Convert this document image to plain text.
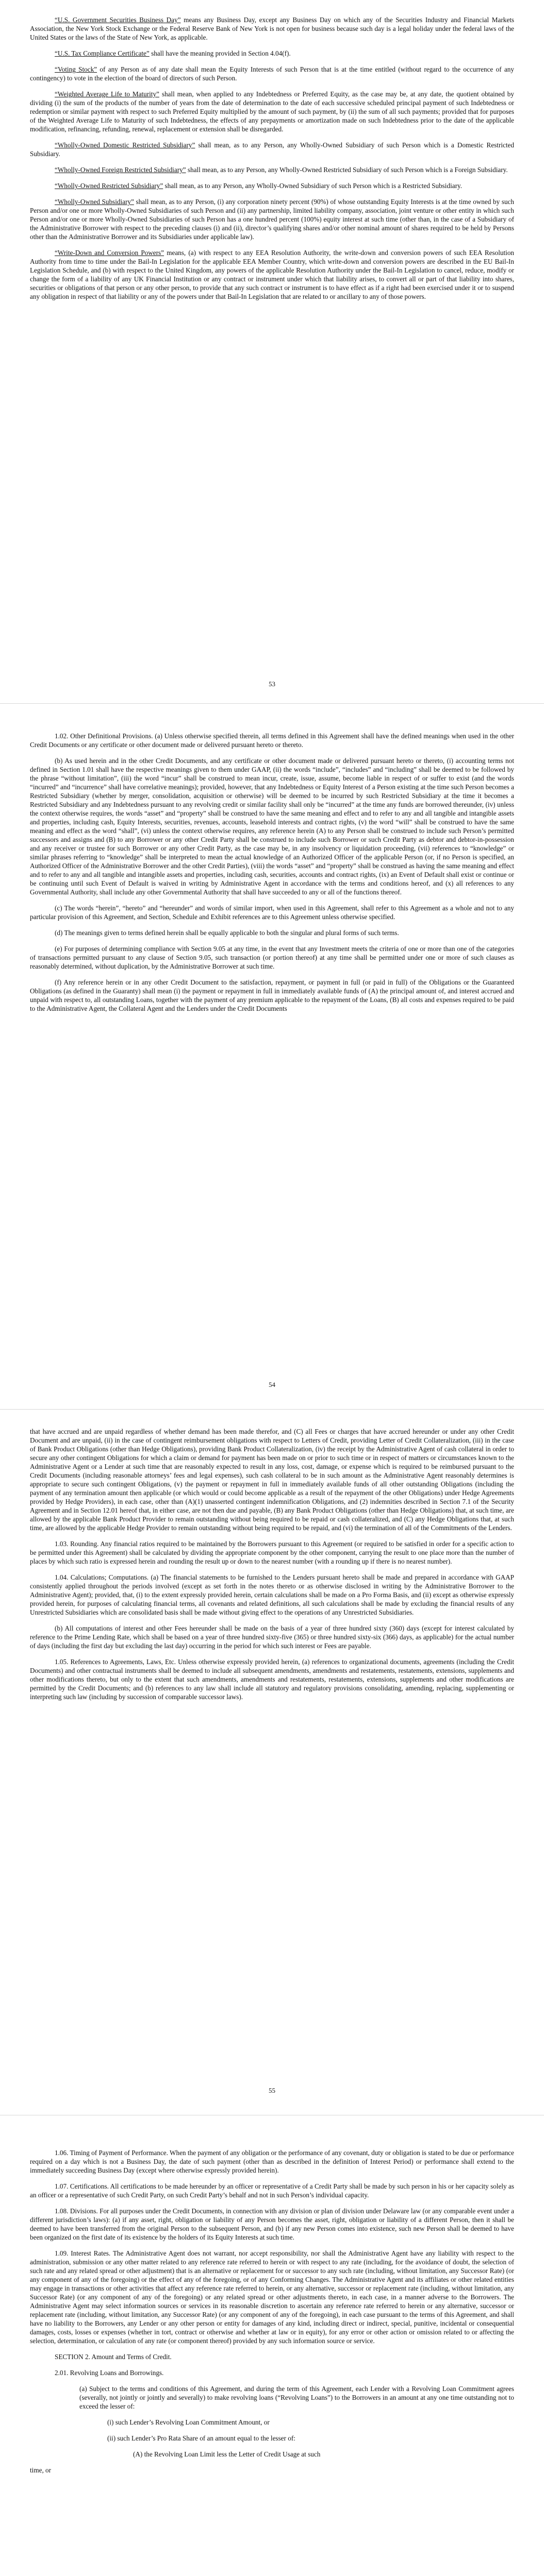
“U.S. Government Securities Business Day” means any Business Day, except any Business Day on which any of the Securities Industry and Financial Markets Association, the New York Stock Exchange or the Federal Reserve Bank of New York is not open for business because such day is a legal holiday under the federal laws of the United States or the laws of the State of New York, as applicable.

“U.S. Tax Compliance Certificate” shall have the meaning provided in Section 4.04(f).

“Voting Stock” of any Person as of any date shall mean the Equity Interests of such Person that is at the time entitled (without regard to the occurrence of any contingency) to vote in the election of the board of directors of such Person.

“Weighted Average Life to Maturity” shall mean, when applied to any Indebtedness or Preferred Equity, as the case may be, at any date, the quotient obtained by dividing (i) the sum of the products of the number of years from the date of determination to the date of each successive scheduled principal payment of such Indebtedness or redemption or similar payment with respect to such Preferred Equity multiplied by the amount of such payment, by (ii) the sum of all such payments; provided that for purposes of the Weighted Average Life to Maturity of such Indebtedness, the effects of any prepayments or amortization made on such Indebtedness prior to the date of the applicable modification, refinancing, refunding, renewal, replacement or extension shall be disregarded.

“Wholly-Owned Domestic Restricted Subsidiary” shall mean, as to any Person, any Wholly-Owned Subsidiary of such Person which is a Domestic Restricted Subsidiary.

“Wholly-Owned Foreign Restricted Subsidiary” shall mean, as to any Person, any Wholly-Owned Restricted Subsidiary of such Person which is a Foreign Subsidiary.

“Wholly-Owned Restricted Subsidiary” shall mean, as to any Person, any Wholly-Owned Subsidiary of such Person which is a Restricted Subsidiary.

“Wholly-Owned Subsidiary” shall mean, as to any Person, (i) any corporation ninety percent (90%) of whose outstanding Equity Interests is at the time owned by such Person and/or one or more Wholly-Owned Subsidiaries of such Person and (ii) any partnership, limited liability company, association, joint venture or other entity in which such Person and/or one or more Wholly-Owned Subsidiaries of such Person has a one hundred percent (100%) equity interest at such time (other than, in the case of a Subsidiary of the Administrative Borrower with respect to the preceding clauses (i) and (ii), director’s qualifying shares and/or other nominal amount of shares required to be held by Persons other than the Administrative Borrower and its Subsidiaries under applicable law).

“Write-Down and Conversion Powers” means, (a) with respect to any EEA Resolution Authority, the write-down and conversion powers of such EEA Resolution Authority from time to time under the Bail-In Legislation for the applicable EEA Member Country, which write-down and conversion powers are described in the EU Bail-In Legislation Schedule, and (b) with respect to the United Kingdom, any powers of the applicable Resolution Authority under the Bail-In Legislation to cancel, reduce, modify or change the form of a liability of any UK Financial Institution or any contract or instrument under which that liability arises, to convert all or part of that liability into shares, securities or obligations of that person or any other person, to provide that any such contract or instrument is to have effect as if a right had been exercised under it or to suspend any obligation in respect of that liability or any of the powers under that Bail-In Legislation that are related to or ancillary to any of those powers.

53

1.02. Other Definitional Provisions. (a) Unless otherwise specified therein, all terms defined in this Agreement shall have the defined meanings when used in the other Credit Documents or any certificate or other document made or delivered pursuant hereto or thereto.

(b) As used herein and in the other Credit Documents, and any certificate or other document made or delivered pursuant hereto or thereto, (i) accounting terms not defined in Section 1.01 shall have the respective meanings given to them under GAAP, (ii) the words “include”, “includes” and “including” shall be deemed to be followed by the phrase “without limitation”, (iii) the word “incur” shall be construed to mean incur, create, issue, assume, become liable in respect of or suffer to exist (and the words “incurred” and “incurrence” shall have correlative meanings); provided, however, that any Indebtedness or Equity Interest of a Person existing at the time such Person becomes a Restricted Subsidiary (whether by merger, consolidation, acquisition or otherwise) will be deemed to be incurred by such Restricted Subsidiary at the time it becomes a Restricted Subsidiary and any Indebtedness pursuant to any revolving credit or similar facility shall only be “incurred” at the time any funds are borrowed thereunder, (iv) unless the context otherwise requires, the words “asset” and “property” shall be construed to have the same meaning and effect and to refer to any and all tangible and intangible assets and properties, including cash, Equity Interests, securities, revenues, accounts, leasehold interests and contract rights, (v) the word “will” shall be construed to have the same meaning and effect as the word “shall”, (vi) unless the context otherwise requires, any reference herein (A) to any Person shall be construed to include such Person’s permitted successors and assigns and (B) to any Borrower or any other Credit Party shall be construed to include such Borrower or such Credit Party as debtor and debtor-in-possession and any receiver or trustee for such Borrower or any other Credit Party, as the case may be, in any insolvency or liquidation proceeding, (vii) references to “knowledge” or similar phrases referring to “knowledge” shall be interpreted to mean the actual knowledge of an Authorized Officer of the applicable Person (or, if no Person is specified, an Authorized Officer of the Administrative Borrower and the other Credit Parties), (viii) the words “asset” and “property” shall be construed as having the same meaning and effect and to refer to any and all tangible and intangible assets and properties, including cash, securities, accounts and contract rights, (ix) an Event of Default shall exist or continue or be continuing until such Event of Default is waived in writing by Administrative Agent in accordance with the terms and conditions hereof, and (x) all references to any Governmental Authority, shall include any other Governmental Authority that shall have succeeded to any or all of the functions thereof.

(c) The words “herein”, “hereto” and “hereunder” and words of similar import, when used in this Agreement, shall refer to this Agreement as a whole and not to any particular provision of this Agreement, and Section, Schedule and Exhibit references are to this Agreement unless otherwise specified.

(d) The meanings given to terms defined herein shall be equally applicable to both the singular and plural forms of such terms.

(e) For purposes of determining compliance with Section 9.05 at any time, in the event that any Investment meets the criteria of one or more than one of the categories of transactions permitted pursuant to any clause of Section 9.05, such transaction (or portion thereof) at any time shall be permitted under one or more of such clauses as reasonably determined, without duplication, by the Administrative Borrower at such time.

(f) Any reference herein or in any other Credit Document to the satisfaction, repayment, or payment in full (or paid in full) of the Obligations or the Guaranteed Obligations (as defined in the Guaranty) shall mean (i) the payment or repayment in full in immediately available funds of (A) the principal amount of, and interest accrued and unpaid with respect to, all outstanding Loans, together with the payment of any premium applicable to the repayment of the Loans, (B) all costs and expenses required to be paid to the Administrative Agent, the Collateral Agent and the Lenders under the Credit Documents

54

that have accrued and are unpaid regardless of whether demand has been made therefor, and (C) all Fees or charges that have accrued hereunder or under any other Credit Document and are unpaid, (ii) in the case of contingent reimbursement obligations with respect to Letters of Credit, providing Letter of Credit Collateralization, (iii) in the case of Bank Product Obligations (other than Hedge Obligations), providing Bank Product Collateralization, (iv) the receipt by the Administrative Agent of cash collateral in order to secure any other contingent Obligations for which a claim or demand for payment has been made on or prior to such time or in respect of matters or circumstances known to the Administrative Agent or a Lender at such time that are reasonably expected to result in any loss, cost, damage, or expense which is required to be reimbursed pursuant to the Credit Documents (including reasonable attorneys’ fees and legal expenses), such cash collateral to be in such amount as the Administrative Agent reasonably determines is appropriate to secure such contingent Obligations, (v) the payment or repayment in full in immediately available funds of all other outstanding Obligations (including the payment of any termination amount then applicable (or which would or could become applicable as a result of the repayment of the other Obligations) under Hedge Agreements provided by Hedge Providers), in each case, other than (A)(1) unasserted contingent indemnification Obligations, and (2) indemnities described in Section 7.1 of the Security Agreement and in Section 12.01 hereof that, in either case, are not then due and payable, (B) any Bank Product Obligations (other than Hedge Obligations) that, at such time, are allowed by the applicable Bank Product Provider to remain outstanding without being required to be repaid or cash collateralized, and (C) any Hedge Obligations that, at such time, are allowed by the applicable Hedge Provider to remain outstanding without being required to be repaid, and (vi) the termination of all of the Commitments of the Lenders.

1.03. Rounding. Any financial ratios required to be maintained by the Borrowers pursuant to this Agreement (or required to be satisfied in order for a specific action to be permitted under this Agreement) shall be calculated by dividing the appropriate component by the other component, carrying the result to one place more than the number of places by which such ratio is expressed herein and rounding the result up or down to the nearest number (with a rounding up if there is no nearest number).

1.04. Calculations; Computations. (a) The financial statements to be furnished to the Lenders pursuant hereto shall be made and prepared in accordance with GAAP consistently applied throughout the periods involved (except as set forth in the notes thereto or as otherwise disclosed in writing by the Administrative Borrower to the Administrative Agent); provided, that, (i) to the extent expressly provided herein, certain calculations shall be made on a Pro Forma Basis, and (ii) except as otherwise expressly provided herein, for purposes of calculating financial terms, all covenants and related definitions, all such calculations shall be made by excluding the financial results of any Unrestricted Subsidiaries which are consolidated basis shall be made without giving effect to the operations of any Unrestricted Subsidiaries.

(b) All computations of interest and other Fees hereunder shall be made on the basis of a year of three hundred sixty (360) days (except for interest calculated by reference to the Prime Lending Rate, which shall be based on a year of three hundred sixty-five (365) or three hundred sixty-six (366) days, as applicable) for the actual number of days (including the first day but excluding the last day) occurring in the period for which such interest or Fees are payable.

1.05. References to Agreements, Laws, Etc. Unless otherwise expressly provided herein, (a) references to organizational documents, agreements (including the Credit Documents) and other contractual instruments shall be deemed to include all subsequent amendments, amendments and restatements, restatements, extensions, supplements and other modifications thereto, but only to the extent that such amendments, amendments and restatements, restatements, extensions, supplements and other modifications are permitted by the Credit Documents; and (b) references to any law shall include all statutory and regulatory provisions consolidating, amending, replacing, supplementing or interpreting such law (including by succession of comparable successor laws).

55

1.06. Timing of Payment of Performance. When the payment of any obligation or the performance of any covenant, duty or obligation is stated to be due or performance required on a day which is not a Business Day, the date of such payment (other than as described in the definition of Interest Period) or performance shall extend to the immediately succeeding Business Day (except where otherwise expressly provided herein).

1.07. Certifications. All certifications to be made hereunder by an officer or representative of a Credit Party shall be made by such person in his or her capacity solely as an officer or a representative of such Credit Party, on such Credit Party’s behalf and not in such Person’s individual capacity.

1.08. Divisions. For all purposes under the Credit Documents, in connection with any division or plan of division under Delaware law (or any comparable event under a different jurisdiction’s laws): (a) if any asset, right, obligation or liability of any Person becomes the asset, right, obligation or liability of a different Person, then it shall be deemed to have been transferred from the original Person to the subsequent Person, and (b) if any new Person comes into existence, such new Person shall be deemed to have been organized on the first date of its existence by the holders of its Equity Interests at such time.

1.09. Interest Rates. The Administrative Agent does not warrant, nor accept responsibility, nor shall the Administrative Agent have any liability with respect to the administration, submission or any other matter related to any reference rate referred to herein or with respect to any rate (including, for the avoidance of doubt, the selection of such rate and any related spread or other adjustment) that is an alternative or replacement for or successor to any such rate (including, without limitation, any Successor Rate) (or any component of any of the foregoing) or the effect of any of the foregoing, or of any Conforming Changes. The Administrative Agent and its affiliates or other related entities may engage in transactions or other activities that affect any reference rate referred to herein, or any alternative, successor or replacement rate (including, without limitation, any Successor Rate) (or any component of any of the foregoing) or any related spread or other adjustments thereto, in each case, in a manner adverse to the Borrowers. The Administrative Agent may select information sources or services in its reasonable discretion to ascertain any reference rate referred to herein or any alternative, successor or replacement rate (including, without limitation, any Successor Rate) (or any component of any of the foregoing), in each case pursuant to the terms of this Agreement, and shall have no liability to the Borrowers, any Lender or any other person or entity for damages of any kind, including direct or indirect, special, punitive, incidental or consequential damages, costs, losses or expenses (whether in tort, contract or otherwise and whether at law or in equity), for any error or other action or omission related to or affecting the selection, determination, or calculation of any rate (or component thereof) provided by any such information source or service.

SECTION 2. Amount and Terms of Credit.

2.01. Revolving Loans and Borrowings.

(a) Subject to the terms and conditions of this Agreement, and during the term of this Agreement, each Lender with a Revolving Loan Commitment agrees (severally, not jointly or jointly and severally) to make revolving loans (“Revolving Loans”) to the Borrowers in an amount at any one time outstanding not to exceed the lesser of:

(i) such Lender’s Revolving Loan Commitment Amount, or

(ii) such Lender’s Pro Rata Share of an amount equal to the lesser of:

(A) the Revolving Loan Limit less the Letter of Credit Usage at such

time, or
